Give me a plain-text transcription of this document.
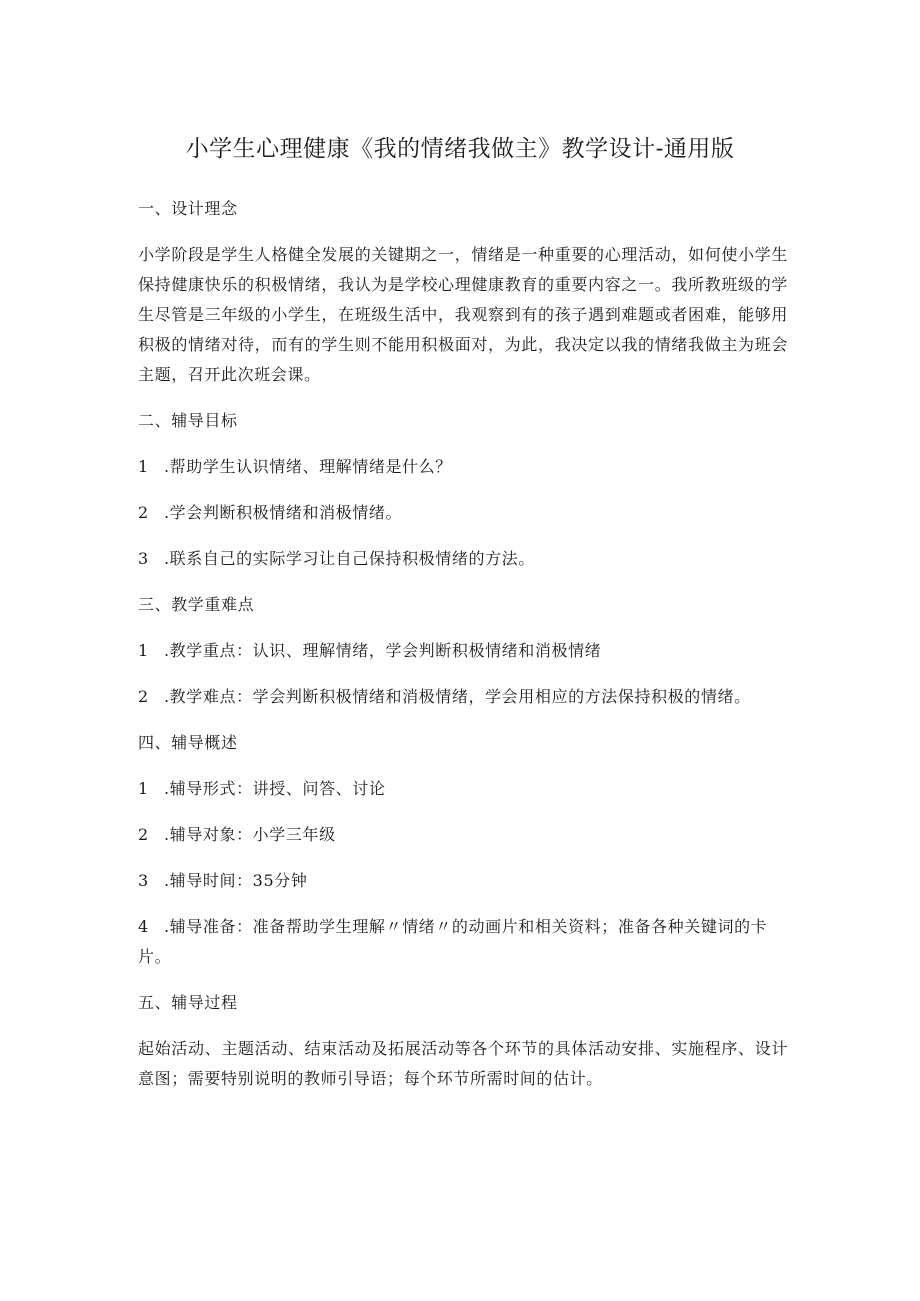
小学生心理健康《我的情绪我做主》教学设计-通用版
一、设计理念
小学阶段是学生人格健全发展的关键期之一，情绪是一种重要的心理活动，如何使小学生保持健康快乐的积极情绪，我认为是学校心理健康教育的重要内容之一。我所教班级的学生尽管是三年级的小学生，在班级生活中，我观察到有的孩子遇到难题或者困难，能够用积极的情绪对待，而有的学生则不能用积极面对，为此，我决定以我的情绪我做主为班会主题，召开此次班会课。
二、辅导目标
1 .帮助学生认识情绪、理解情绪是什么？
2 .学会判断积极情绪和消极情绪。
3 .联系自己的实际学习让自己保持积极情绪的方法。
三、教学重难点
1 .教学重点：认识、理解情绪，学会判断积极情绪和消极情绪
2 .教学难点：学会判断积极情绪和消极情绪，学会用相应的方法保持积极的情绪。
四、辅导概述
1 .辅导形式：讲授、问答、讨论
2 .辅导对象：小学三年级
3 .辅导时间：35分钟
4 .辅导准备：准备帮助学生理解〃情绪〃的动画片和相关资料；准备各种关键词的卡片。
五、辅导过程
起始活动、主题活动、结束活动及拓展活动等各个环节的具体活动安排、实施程序、设计意图；需要特别说明的教师引导语；每个环节所需时间的估计。
